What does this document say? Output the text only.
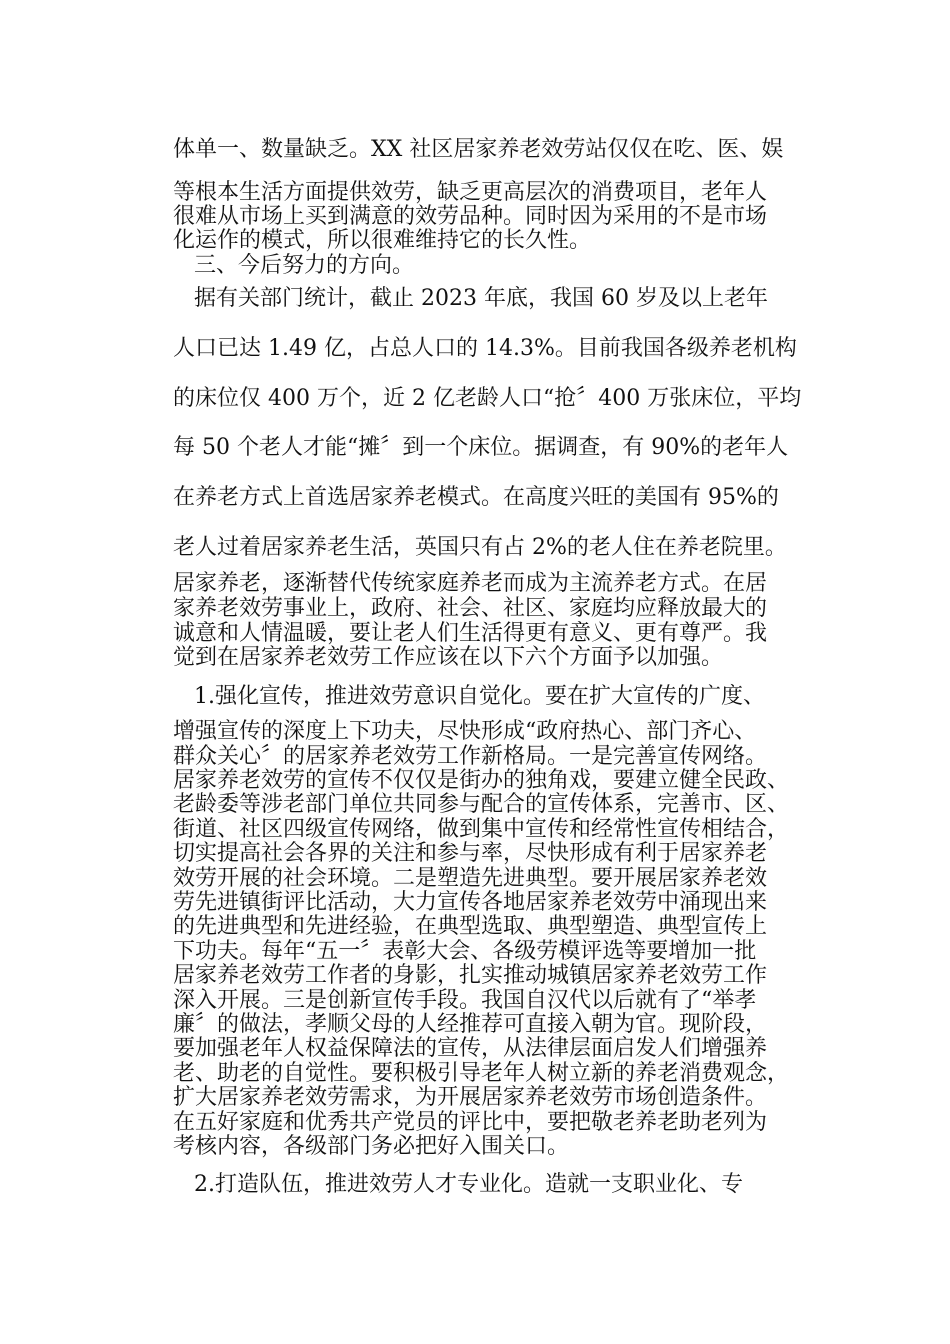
体单一、数量缺乏。XX 社区居家养老效劳站仅仅在吃、医、娱

等根本生活方面提供效劳，缺乏更高层次的消费项目，老年人

很难从市场上买到满意的效劳品种。同时因为采用的不是市场

化运作的模式，所以很难维持它的长久性。

三、今后努力的方向。

据有关部门统计，截止 2023 年底，我国 60 岁及以上老年

人口已达 1.49 亿，占总人口的 14.3%。目前我国各级养老机构

的床位仅 400 万个，近 2 亿老龄人口“抢〞400 万张床位，平均

每 50 个老人才能“摊〞到一个床位。据调查，有 90%的老年人

在养老方式上首选居家养老模式。在高度兴旺的美国有 95%的

老人过着居家养老生活，英国只有占 2%的老人住在养老院里。

居家养老，逐渐替代传统家庭养老而成为主流养老方式。在居

家养老效劳事业上，政府、社会、社区、家庭均应释放最大的

诚意和人情温暖，要让老人们生活得更有意义、更有尊严。我

觉到在居家养老效劳工作应该在以下六个方面予以加强。

1.强化宣传，推进效劳意识自觉化。要在扩大宣传的广度、

增强宣传的深度上下功夫，尽快形成“政府热心、部门齐心、

群众关心〞的居家养老效劳工作新格局。一是完善宣传网络。

居家养老效劳的宣传不仅仅是街办的独角戏，要建立健全民政、

老龄委等涉老部门单位共同参与配合的宣传体系，完善市、区、

街道、社区四级宣传网络，做到集中宣传和经常性宣传相结合，

切实提高社会各界的关注和参与率，尽快形成有利于居家养老

效劳开展的社会环境。二是塑造先进典型。要开展居家养老效

劳先进镇街评比活动，大力宣传各地居家养老效劳中涌现出来

的先进典型和先进经验，在典型选取、典型塑造、典型宣传上

下功夫。每年“五一〞表彰大会、各级劳模评选等要增加一批

居家养老效劳工作者的身影，扎实推动城镇居家养老效劳工作

深入开展。三是创新宣传手段。我国自汉代以后就有了“举孝

廉〞的做法，孝顺父母的人经推荐可直接入朝为官。现阶段，

要加强老年人权益保障法的宣传，从法律层面启发人们增强养

老、助老的自觉性。要积极引导老年人树立新的养老消费观念，

扩大居家养老效劳需求，为开展居家养老效劳市场创造条件。

在五好家庭和优秀共产党员的评比中，要把敬老养老助老列为

考核内容，各级部门务必把好入围关口。

2.打造队伍，推进效劳人才专业化。造就一支职业化、专
